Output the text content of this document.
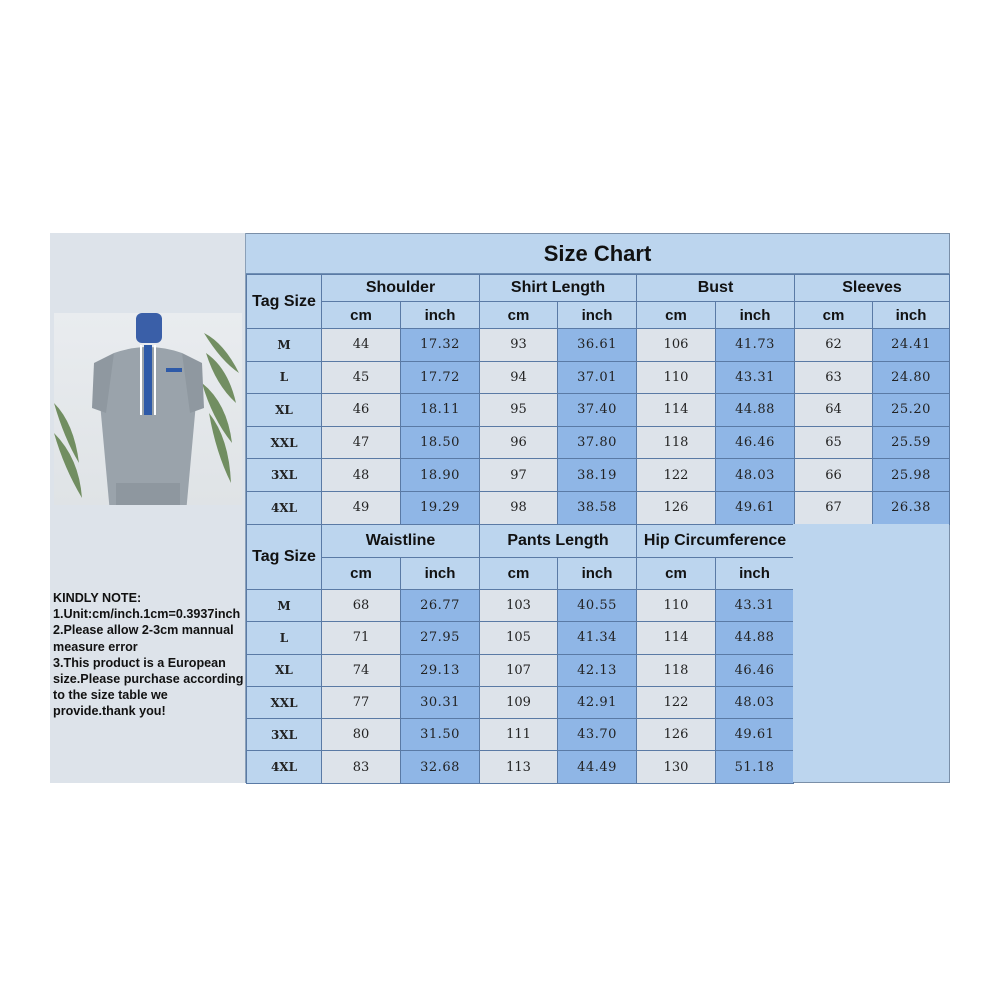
KINDLY NOTE:
1.Unit:cm/inch.1cm=0.3937inch
2.Please allow 2-3cm mannual measure error
3.This product is a European size.Please purchase according to the size table we provide.thank you!
Size Chart
Tag Size	Shoulder		Shirt Length		Bust		Sleeves	
	cm	inch	cm	inch	cm	inch	cm	inch
M	44	17.32	93	36.61	106	41.73	62	24.41
L	45	17.72	94	37.01	110	43.31	63	24.80
XL	46	18.11	95	37.40	114	44.88	64	25.20
XXL	47	18.50	96	37.80	118	46.46	65	25.59
3XL	48	18.90	97	38.19	122	48.03	66	25.98
4XL	49	19.29	98	38.58	126	49.61	67	26.38
Tag Size	Waistline		Pants Length		Hip Circumference	
	cm	inch	cm	inch	cm	inch
M	68	26.77	103	40.55	110	43.31
L	71	27.95	105	41.34	114	44.88
XL	74	29.13	107	42.13	118	46.46
XXL	77	30.31	109	42.91	122	48.03
3XL	80	31.50	111	43.70	126	49.61
4XL	83	32.68	113	44.49	130	51.18
